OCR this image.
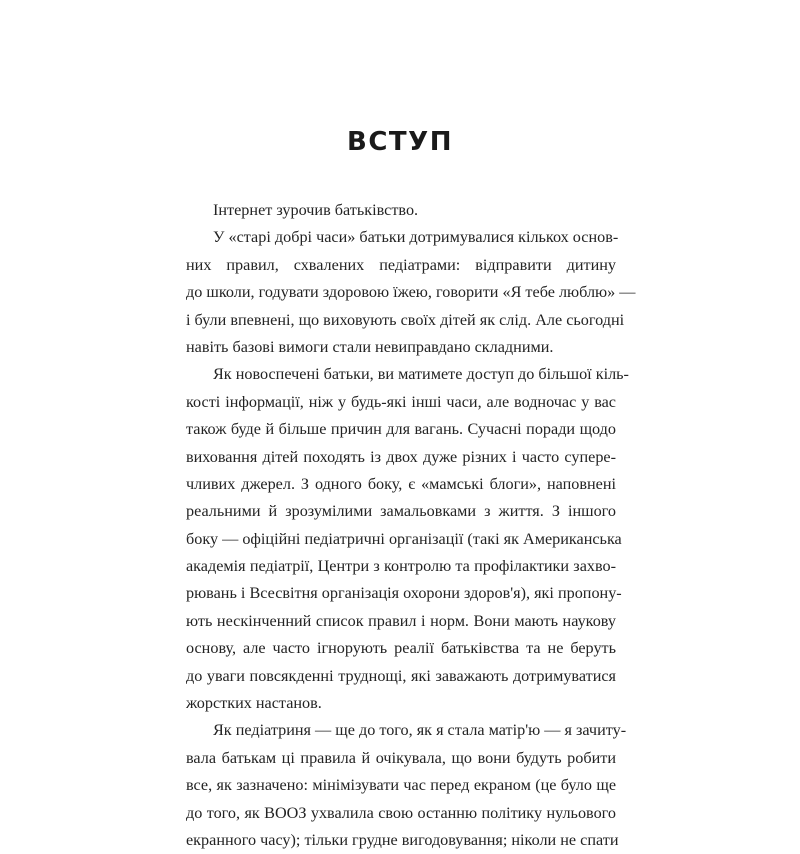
ВСТУП
Інтернет зурочив батьківство.
У «старі добрі часи» батьки дотримувалися кількох основ-
них правил, схвалених педіатрами: відправити дитину
до школи, годувати здоровою їжею, говорити «Я тебе люблю» —
і були впевнені, що виховують своїх дітей як слід. Але сьогодні
навіть базові вимоги стали невиправдано складними.
Як новоспечені батьки, ви матимете доступ до більшої кіль-
кості інформації, ніж у будь-які інші часи, але водночас у вас
також буде й більше причин для вагань. Сучасні поради щодо
виховання дітей походять із двох дуже різних і часто супере-
чливих джерел. З одного боку, є «мамські блоги», наповнені
реальними й зрозумілими замальовками з життя. З іншого
боку — офіційні педіатричні організації (такі як Американська
академія педіатрії, Центри з контролю та профілактики захво-
рювань і Всесвітня організація охорони здоров'я), які пропону-
ють нескінченний список правил і норм. Вони мають наукову
основу, але часто ігнорують реалії батьківства та не беруть
до уваги повсякденні труднощі, які заважають дотримуватися
жорстких настанов.
Як педіатриня — ще до того, як я стала матір'ю — я зачиту-
вала батькам ці правила й очікувала, що вони будуть робити
все, як зазначено: мінімізувати час перед екраном (це було ще
до того, як ВООЗ ухвалила свою останню політику нульового
екранного часу); тільки грудне вигодовування; ніколи не спати
